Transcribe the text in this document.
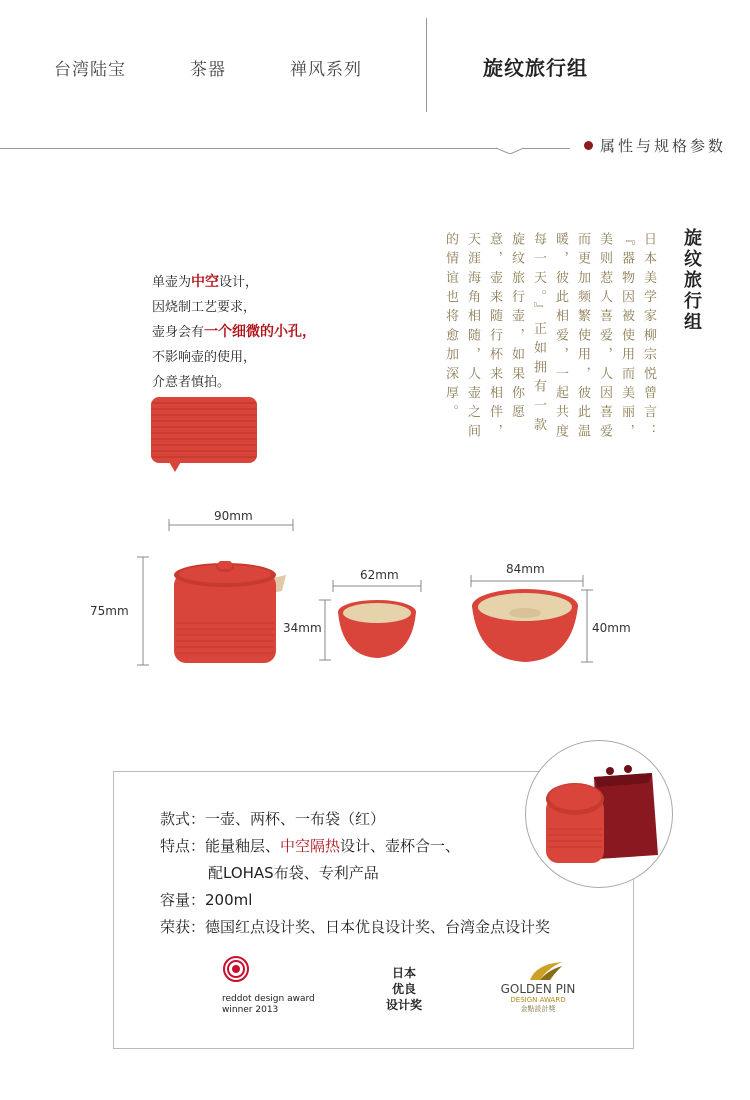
台湾陆宝	茶器	禅风系列	旋纹旅行组
属性与规格参数
旋纹旅行组
日本美学家柳宗悦曾言：
『器物因被使用而美丽，
美则惹人喜爱，人因喜爱
而更加频繁使用，彼此温
暖，彼此相爱，一起共度
每一天。』正如拥有一款
旋纹旅行壶，如果你愿
意，壶来随行杯来相伴，
天涯海角相随，人壶之间
的情谊也将愈加深厚。
单壶为中空设计，
因烧制工艺要求，
壶身会有一个细微的小孔，
不影响壶的使用，
介意者慎拍。
90mm
75mm
62mm
34mm
84mm
40mm
款式：一壶、两杯、一布袋（红）
特点：能量釉层、中空隔热设计、壶杯合一、
配LOHAS布袋、专利产品
容量：200ml
荣获：德国红点设计奖、日本优良设计奖、台湾金点设计奖
reddot design award
winner 2013
日本
优良
设计奖
GOLDEN PIN
DESIGN AWARD
金點設計獎
